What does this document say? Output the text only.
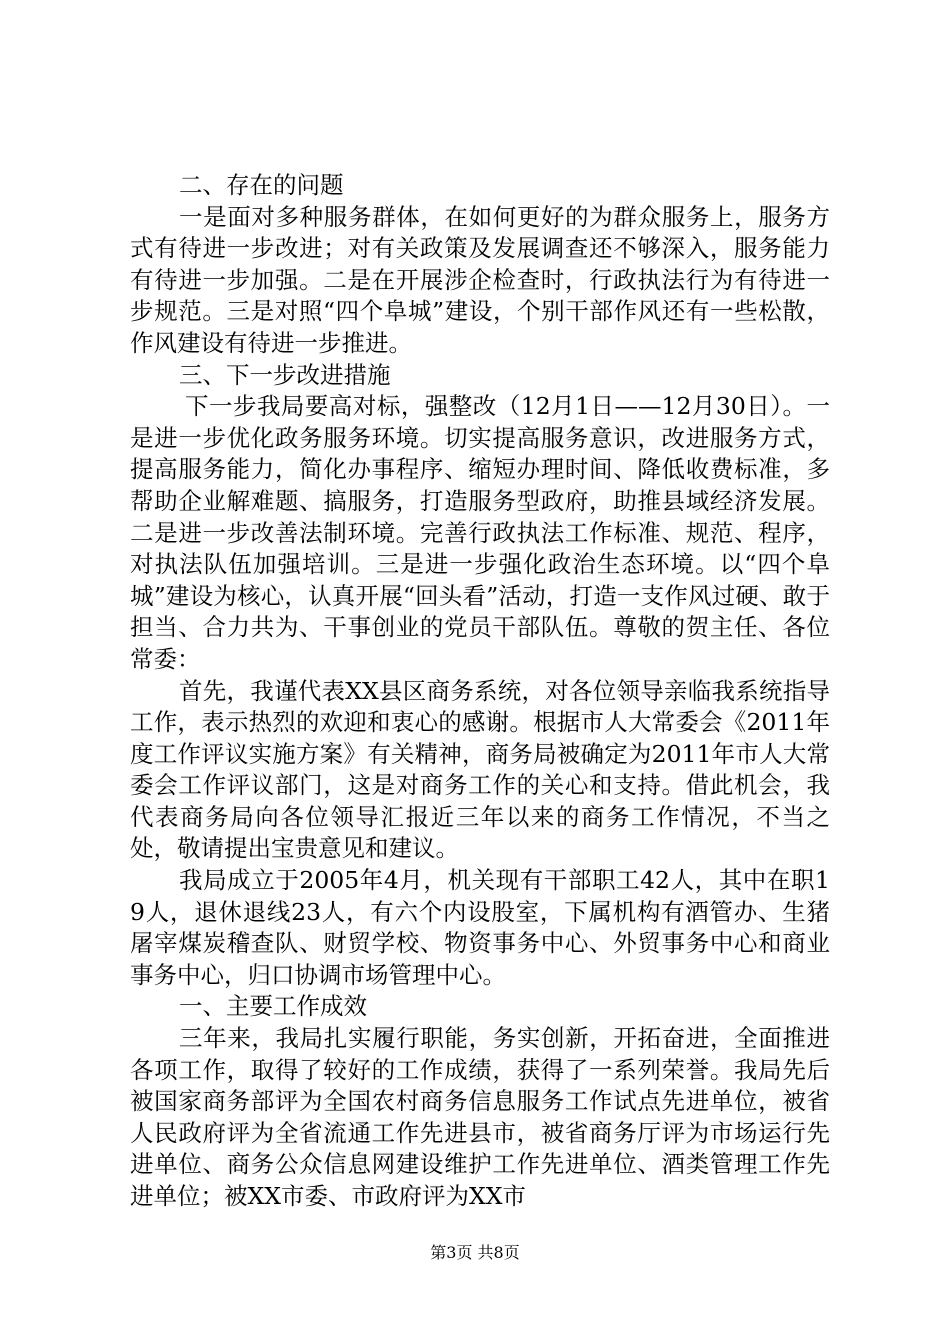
二、存在的问题

一是面对多种服务群体，在如何更好的为群众服务上，服务方式有待进一步改进；对有关政策及发展调查还不够深入，服务能力有待进一步加强。二是在开展涉企检查时，行政执法行为有待进一步规范。三是对照“四个阜城”建设，个别干部作风还有一些松散，作风建设有待进一步推进。

三、下一步改进措施

下一步我局要高对标，强整改（12月1日——12月30日）。一是进一步优化政务服务环境。切实提高服务意识，改进服务方式，提高服务能力，简化办事程序、缩短办理时间、降低收费标准，多帮助企业解难题、搞服务，打造服务型政府，助推县域经济发展。二是进一步改善法制环境。完善行政执法工作标准、规范、程序，对执法队伍加强培训。三是进一步强化政治生态环境。以“四个阜城”建设为核心，认真开展“回头看”活动，打造一支作风过硬、敢于担当、合力共为、干事创业的党员干部队伍。尊敬的贺主任、各位常委：

首先，我谨代表XX县区商务系统，对各位领导亲临我系统指导工作，表示热烈的欢迎和衷心的感谢。根据市人大常委会《2011年度工作评议实施方案》有关精神，商务局被确定为2011年市人大常委会工作评议部门，这是对商务工作的关心和支持。借此机会，我代表商务局向各位领导汇报近三年以来的商务工作情况，不当之处，敬请提出宝贵意见和建议。

我局成立于2005年4月，机关现有干部职工42人，其中在职19人，退休退线23人，有六个内设股室，下属机构有酒管办、生猪屠宰煤炭稽查队、财贸学校、物资事务中心、外贸事务中心和商业事务中心，归口协调市场管理中心。

一、主要工作成效

三年来，我局扎实履行职能，务实创新，开拓奋进，全面推进各项工作，取得了较好的工作成绩，获得了一系列荣誉。我局先后被国家商务部评为全国农村商务信息服务工作试点先进单位，被省人民政府评为全省流通工作先进县市，被省商务厅评为市场运行先进单位、商务公众信息网建设维护工作先进单位、酒类管理工作先进单位；被XX市委、市政府评为XX市

第3页 共8页
